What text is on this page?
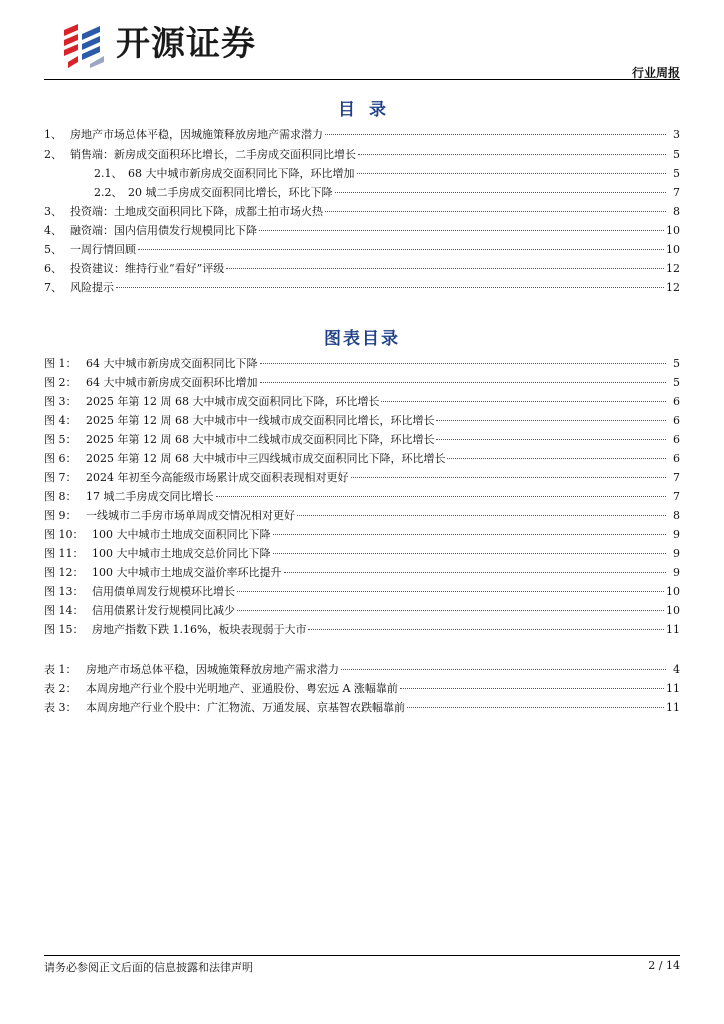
开源证券
行业周报
目录
1、 房地产市场总体平稳，因城施策释放房地产需求潜力	3
2、 销售端：新房成交面积环比增长，二手房成交面积同比增长	5
2.1、 68 大中城市新房成交面积同比下降，环比增加	5
2.2、 20 城二手房成交面积同比增长，环比下降	7
3、 投资端：土地成交面积同比下降，成都土拍市场火热	8
4、 融资端：国内信用债发行规模同比下降	10
5、 一周行情回顾	10
6、 投资建议：维持行业“看好”评级	12
7、 风险提示	12
图表目录
图 1： 64 大中城市新房成交面积同比下降	5
图 2： 64 大中城市新房成交面积环比增加	5
图 3： 2025 年第 12 周 68 大中城市成交面积同比下降，环比增长	6
图 4： 2025 年第 12 周 68 大中城市中一线城市成交面积同比增长，环比增长	6
图 5： 2025 年第 12 周 68 大中城市中二线城市成交面积同比下降，环比增长	6
图 6： 2025 年第 12 周 68 大中城市中三四线城市成交面积同比下降，环比增长	6
图 7： 2024 年初至今高能级市场累计成交面积表现相对更好	7
图 8： 17 城二手房成交同比增长	7
图 9： 一线城市二手房市场单周成交情况相对更好	8
图 10： 100 大中城市土地成交面积同比下降	9
图 11： 100 大中城市土地成交总价同比下降	9
图 12： 100 大中城市土地成交溢价率环比提升	9
图 13： 信用债单周发行规模环比增长	10
图 14： 信用债累计发行规模同比减少	10
图 15： 房地产指数下跌 1.16%，板块表现弱于大市	11
表 1： 房地产市场总体平稳，因城施策释放房地产需求潜力	4
表 2： 本周房地产行业个股中光明地产、亚通股份、粤宏远 A 涨幅靠前	11
表 3： 本周房地产行业个股中：广汇物流、万通发展、京基智农跌幅靠前	11
请务必参阅正文后面的信息披露和法律声明	2 / 14
